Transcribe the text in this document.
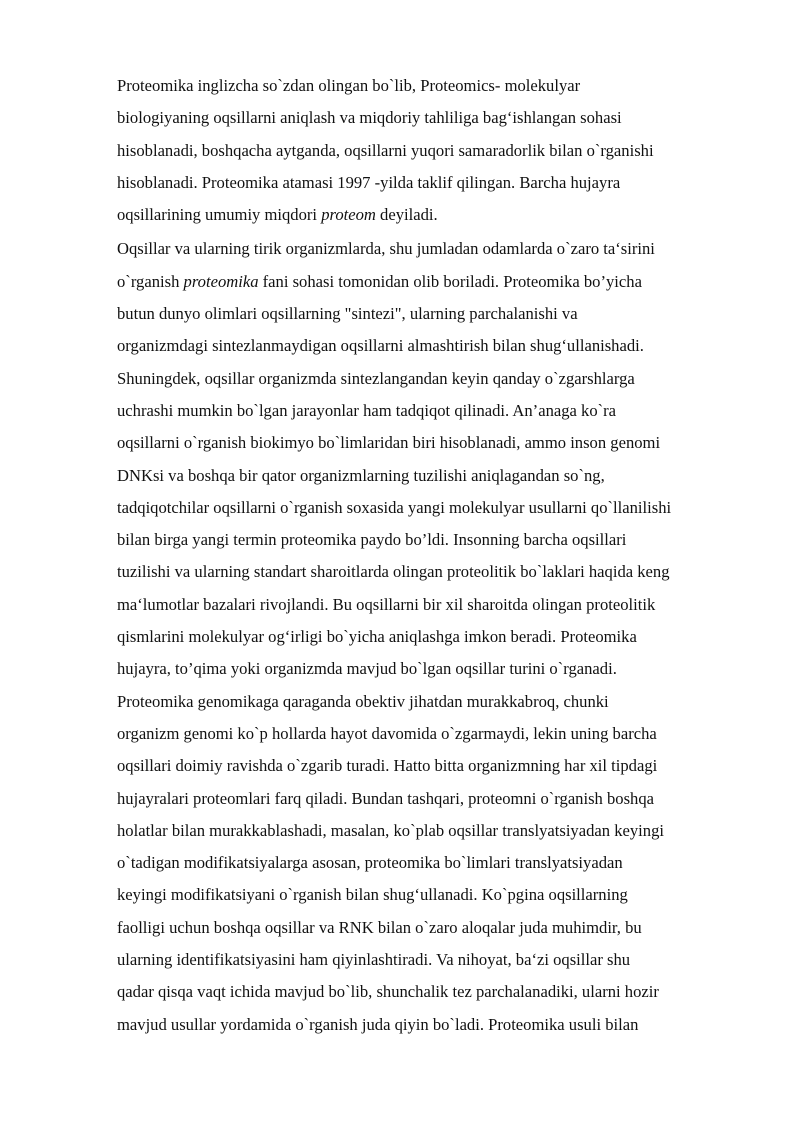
Proteomika inglizcha so`zdan olingan bo`lib, Proteomics- molekulyar
biologiyaning oqsillarni aniqlash va miqdoriy tahliliga bag‘ishlangan sohasi
hisoblanadi, boshqacha aytganda, oqsillarni yuqori samaradorlik bilan o`rganishi
hisoblanadi. Proteomika atamasi 1997 -yilda taklif qilingan. Barcha hujayra
oqsillarining umumiy miqdori proteom deyiladi.
Oqsillar va ularning tirik organizmlarda, shu jumladan odamlarda o`zaro ta‘sirini
o`rganish proteomika fani sohasi tomonidan olib boriladi. Proteomika bo’yicha
butun dunyo olimlari oqsillarning "sintezi", ularning parchalanishi va
organizmdagi sintezlanmaydigan oqsillarni almashtirish bilan shug‘ullanishadi.
Shuningdek, oqsillar organizmda sintezlangandan keyin qanday o`zgarshlarga
uchrashi mumkin bo`lgan jarayonlar ham tadqiqot qilinadi. An’anaga ko`ra
oqsillarni o`rganish biokimyo bo`limlaridan biri hisoblanadi, ammo inson genomi
DNKsi va boshqa bir qator organizmlarning tuzilishi aniqlagandan so`ng,
tadqiqotchilar oqsillarni o`rganish soxasida yangi molekulyar usullarni qo`llanilishi
bilan birga yangi termin proteomika paydo bo’ldi. Insonning barcha oqsillari
tuzilishi va ularning standart sharoitlarda olingan proteolitik bo`laklari haqida keng
ma‘lumotlar bazalari rivojlandi. Bu oqsillarni bir xil sharoitda olingan proteolitik
qismlarini molekulyar og‘irligi bo`yicha aniqlashga imkon beradi. Proteomika
hujayra, to’qima yoki organizmda mavjud bo`lgan oqsillar turini o`rganadi.
Proteomika genomikaga qaraganda obektiv jihatdan murakkabroq, chunki
organizm genomi ko`p hollarda hayot davomida o`zgarmaydi, lekin uning barcha
oqsillari doimiy ravishda o`zgarib turadi. Hatto bitta organizmning har xil tipdagi
hujayralari proteomlari farq qiladi. Bundan tashqari, proteomni o`rganish boshqa
holatlar bilan murakkablashadi, masalan, ko`plab oqsillar translyatsiyadan keyingi
o`tadigan modifikatsiyalarga asosan, proteomika bo`limlari translyatsiyadan
keyingi modifikatsiyani o`rganish bilan shug‘ullanadi. Ko`pgina oqsillarning
faolligi uchun boshqa oqsillar va RNK bilan o`zaro aloqalar juda muhimdir, bu
ularning identifikatsiyasini ham qiyinlashtiradi. Va nihoyat, ba‘zi oqsillar shu
qadar qisqa vaqt ichida mavjud bo`lib, shunchalik tez parchalanadiki, ularni hozir
mavjud usullar yordamida o`rganish juda qiyin bo`ladi. Proteomika usuli bilan
